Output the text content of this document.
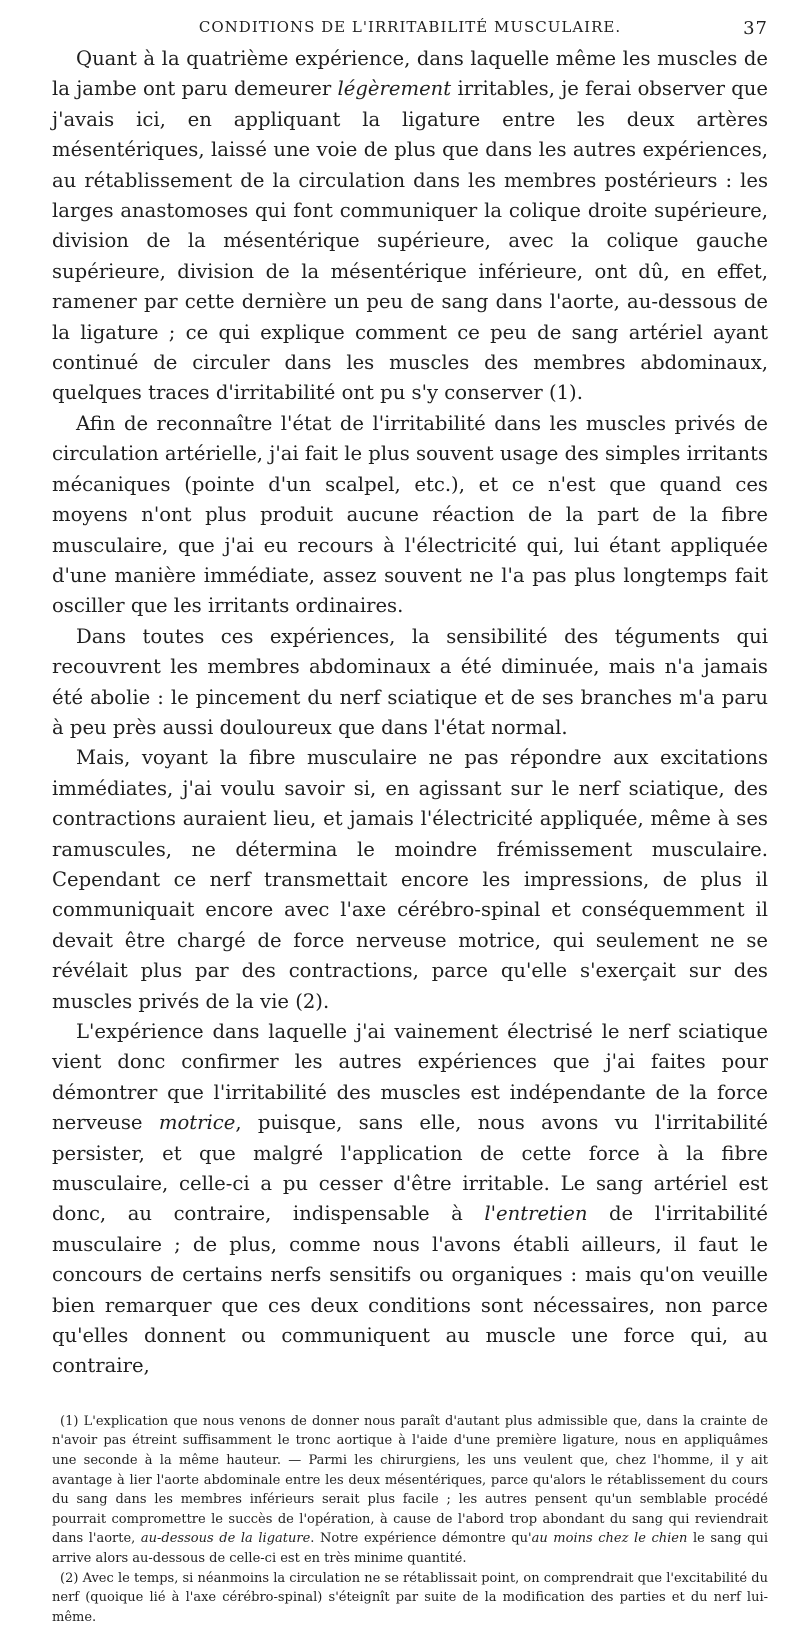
CONDITIONS DE L'IRRITABILITÉ MUSCULAIRE.	37

Quant à la quatrième expérience, dans laquelle même les muscles de la jambe ont paru demeurer légèrement irritables, je ferai observer que j'avais ici, en appliquant la ligature entre les deux artères mésentériques, laissé une voie de plus que dans les autres expériences, au rétablissement de la circulation dans les membres postérieurs : les larges anastomoses qui font communiquer la colique droite supérieure, division de la mésentérique supérieure, avec la colique gauche supérieure, division de la mésentérique inférieure, ont dû, en effet, ramener par cette dernière un peu de sang dans l'aorte, au-dessous de la ligature ; ce qui explique comment ce peu de sang artériel ayant continué de circuler dans les muscles des membres abdominaux, quelques traces d'irritabilité ont pu s'y conserver (1).

Afin de reconnaître l'état de l'irritabilité dans les muscles privés de circulation artérielle, j'ai fait le plus souvent usage des simples irritants mécaniques (pointe d'un scalpel, etc.), et ce n'est que quand ces moyens n'ont plus produit aucune réaction de la part de la fibre musculaire, que j'ai eu recours à l'électricité qui, lui étant appliquée d'une manière immédiate, assez souvent ne l'a pas plus longtemps fait osciller que les irritants ordinaires.

Dans toutes ces expériences, la sensibilité des téguments qui recouvrent les membres abdominaux a été diminuée, mais n'a jamais été abolie : le pincement du nerf sciatique et de ses branches m'a paru à peu près aussi douloureux que dans l'état normal.

Mais, voyant la fibre musculaire ne pas répondre aux excitations immédiates, j'ai voulu savoir si, en agissant sur le nerf sciatique, des contractions auraient lieu, et jamais l'électricité appliquée, même à ses ramuscules, ne détermina le moindre frémissement musculaire. Cependant ce nerf transmettait encore les impressions, de plus il communiquait encore avec l'axe cérébro-spinal et conséquemment il devait être chargé de force nerveuse motrice, qui seulement ne se révélait plus par des contractions, parce qu'elle s'exerçait sur des muscles privés de la vie (2).

L'expérience dans laquelle j'ai vainement électrisé le nerf sciatique vient donc confirmer les autres expériences que j'ai faites pour démontrer que l'irritabilité des muscles est indépendante de la force nerveuse motrice, puisque, sans elle, nous avons vu l'irritabilité persister, et que malgré l'application de cette force à la fibre musculaire, celle-ci a pu cesser d'être irritable. Le sang artériel est donc, au contraire, indispensable à l'entretien de l'irritabilité musculaire ; de plus, comme nous l'avons établi ailleurs, il faut le concours de certains nerfs sensitifs ou organiques : mais qu'on veuille bien remarquer que ces deux conditions sont nécessaires, non parce qu'elles donnent ou communiquent au muscle une force qui, au contraire,

(1) L'explication que nous venons de donner nous paraît d'autant plus admissible que, dans la crainte de n'avoir pas étreint suffisamment le tronc aortique à l'aide d'une première ligature, nous en appliquâmes une seconde à la même hauteur. — Parmi les chirurgiens, les uns veulent que, chez l'homme, il y ait avantage à lier l'aorte abdominale entre les deux mésentériques, parce qu'alors le rétablissement du cours du sang dans les membres inférieurs serait plus facile ; les autres pensent qu'un semblable procédé pourrait compromettre le succès de l'opération, à cause de l'abord trop abondant du sang qui reviendrait dans l'aorte, au-dessous de la ligature. Notre expérience démontre qu'au moins chez le chien le sang qui arrive alors au-dessous de celle-ci est en très minime quantité.

(2) Avec le temps, si néanmoins la circulation ne se rétablissait point, on comprendrait que l'excitabilité du nerf (quoique lié à l'axe cérébro-spinal) s'éteignît par suite de la modification des parties et du nerf lui-même.
